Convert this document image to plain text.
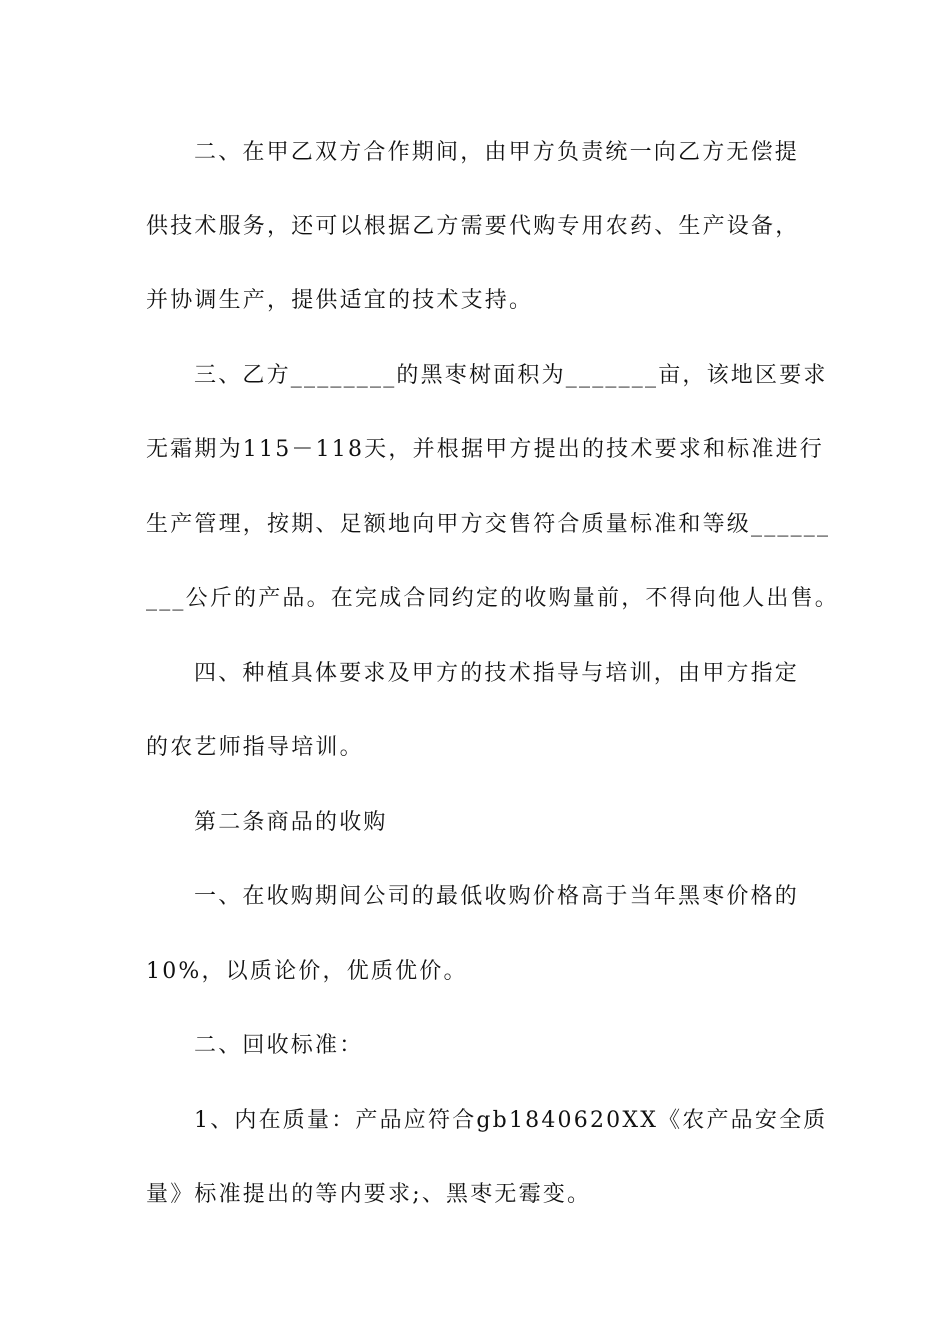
二、在甲乙双方合作期间，由甲方负责统一向乙方无偿提
供技术服务，还可以根据乙方需要代购专用农药、生产设备，
并协调生产，提供适宜的技术支持。
三、乙方________的黑枣树面积为_______亩，该地区要求
无霜期为115－118天，并根据甲方提出的技术要求和标准进行
生产管理，按期、足额地向甲方交售符合质量标准和等级______
___公斤的产品。在完成合同约定的收购量前，不得向他人出售。
四、种植具体要求及甲方的技术指导与培训，由甲方指定
的农艺师指导培训。
第二条商品的收购
一、在收购期间公司的最低收购价格高于当年黑枣价格的
10%，以质论价，优质优价。
二、回收标准：
1、内在质量：产品应符合gb1840620XX《农产品安全质
量》标准提出的等内要求;、黑枣无霉变。
